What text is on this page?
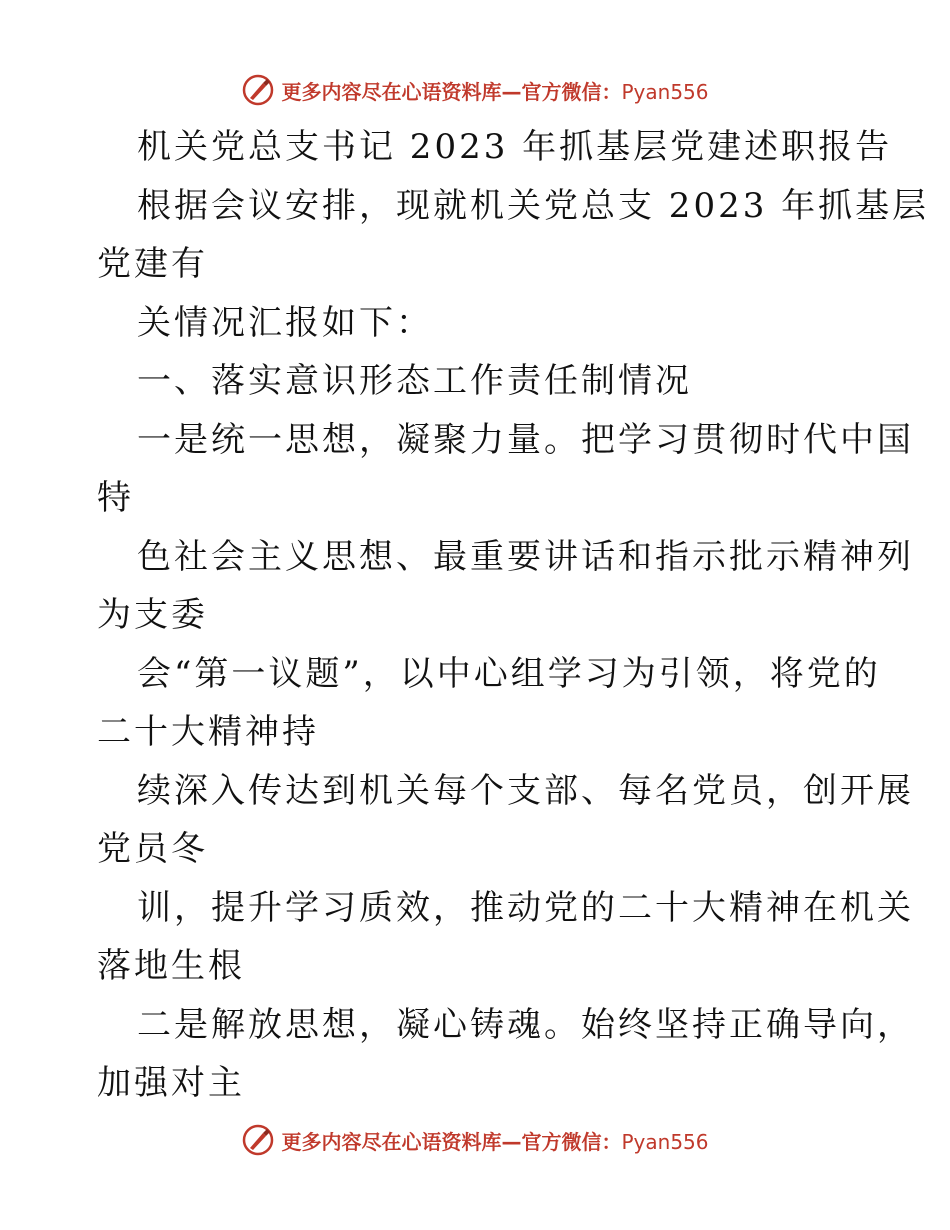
更多内容尽在心语资料库—官方微信：Pyan556
机关党总支书记 2023 年抓基层党建述职报告
根据会议安排，现就机关党总支 2023 年抓基层
党建有
关情况汇报如下：
一、落实意识形态工作责任制情况
一是统一思想，凝聚力量。把学习贯彻时代中国
特
色社会主义思想、最重要讲话和指示批示精神列
为支委
会“第一议题”，以中心组学习为引领，将党的
二十大精神持
续深入传达到机关每个支部、每名党员，创开展
党员冬
训，提升学习质效，推动党的二十大精神在机关
落地生根
二是解放思想，凝心铸魂。始终坚持正确导向，
加强对主
更多内容尽在心语资料库—官方微信：Pyan556
